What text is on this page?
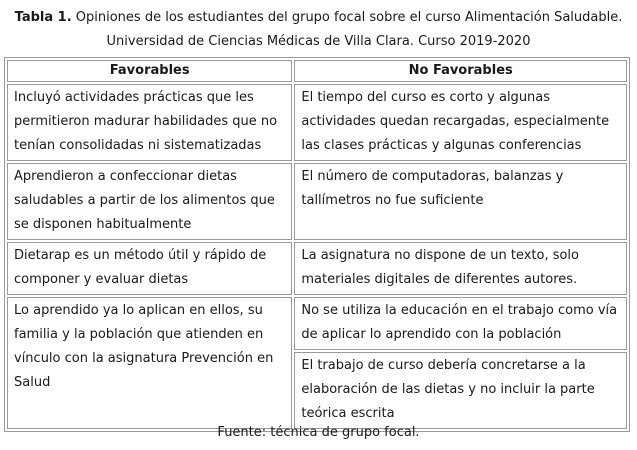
Tabla 1. Opiniones de los estudiantes del grupo focal sobre el curso Alimentación Saludable.
Universidad de Ciencias Médicas de Villa Clara. Curso 2019-2020
Favorables	No Favorables
Incluyó actividades prácticas que les permitieron madurar habilidades que no tenían consolidadas ni sistematizadas	El tiempo del curso es corto y algunas actividades quedan recargadas, especialmente las clases prácticas y algunas conferencias
Aprendieron a confeccionar dietas saludables a partir de los alimentos que se disponen habitualmente	El número de computadoras, balanzas y tallímetros no fue suficiente
Dietarap es un método útil y rápido de componer y evaluar dietas	La asignatura no dispone de un texto, solo materiales digitales de diferentes autores.
Lo aprendido ya lo aplican en ellos, su familia y la población que atienden en vínculo con la asignatura Prevención en Salud	No se utiliza la educación en el trabajo como vía de aplicar lo aprendido con la población
	El trabajo de curso debería concretarse a la elaboración de las dietas y no incluir la parte teórica escrita
Fuente: técnica de grupo focal.
